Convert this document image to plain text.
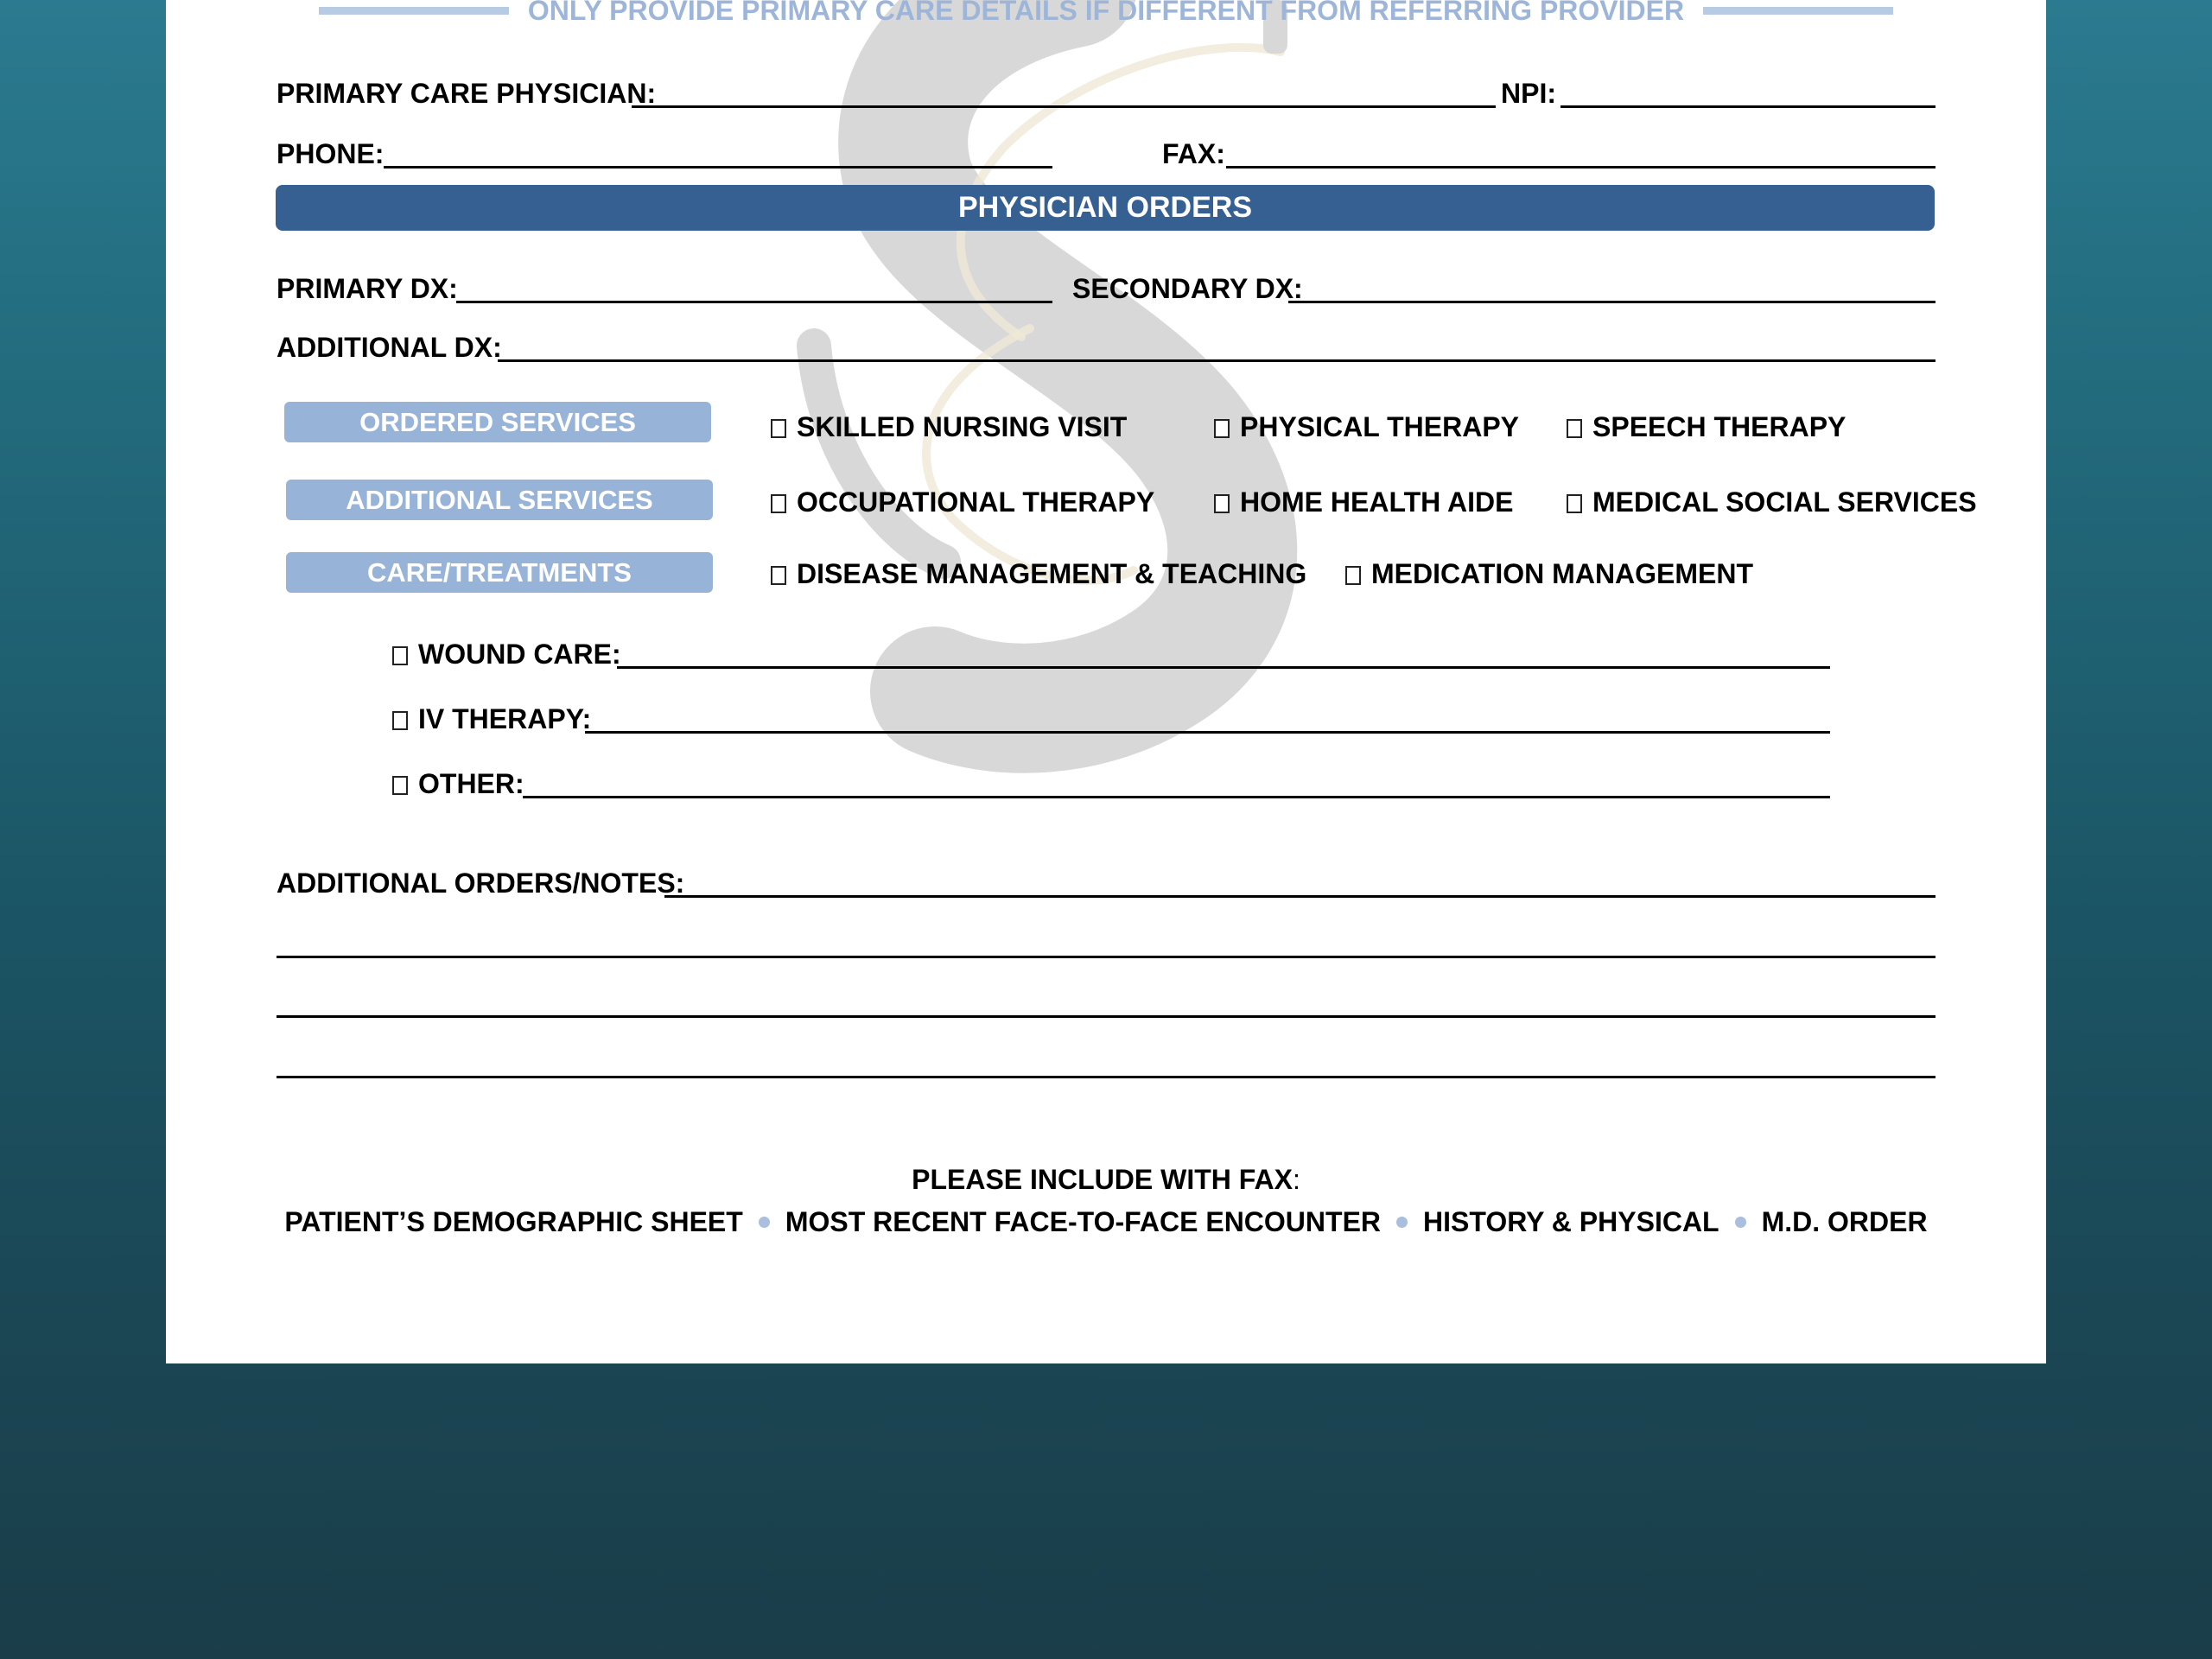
ONLY PROVIDE PRIMARY CARE DETAILS IF DIFFERENT FROM REFERRING PROVIDER
PRIMARY CARE PHYSICIAN:	NPI:
PHONE:	FAX:
PHYSICIAN ORDERS
PRIMARY DX:	SECONDARY DX:
ADDITIONAL DX:
ORDERED SERVICES	SKILLED NURSING VISIT	PHYSICAL THERAPY	SPEECH THERAPY
ADDITIONAL SERVICES	OCCUPATIONAL THERAPY	HOME HEALTH AIDE	MEDICAL SOCIAL SERVICES
CARE/TREATMENTS	DISEASE MANAGEMENT & TEACHING	MEDICATION MANAGEMENT
WOUND CARE:
IV THERAPY:
OTHER:
ADDITIONAL ORDERS/NOTES:
PLEASE INCLUDE WITH FAX:
PATIENT’S DEMOGRAPHIC SHEET MOST RECENT FACE-TO-FACE ENCOUNTER HISTORY & PHYSICAL M.D. ORDER
